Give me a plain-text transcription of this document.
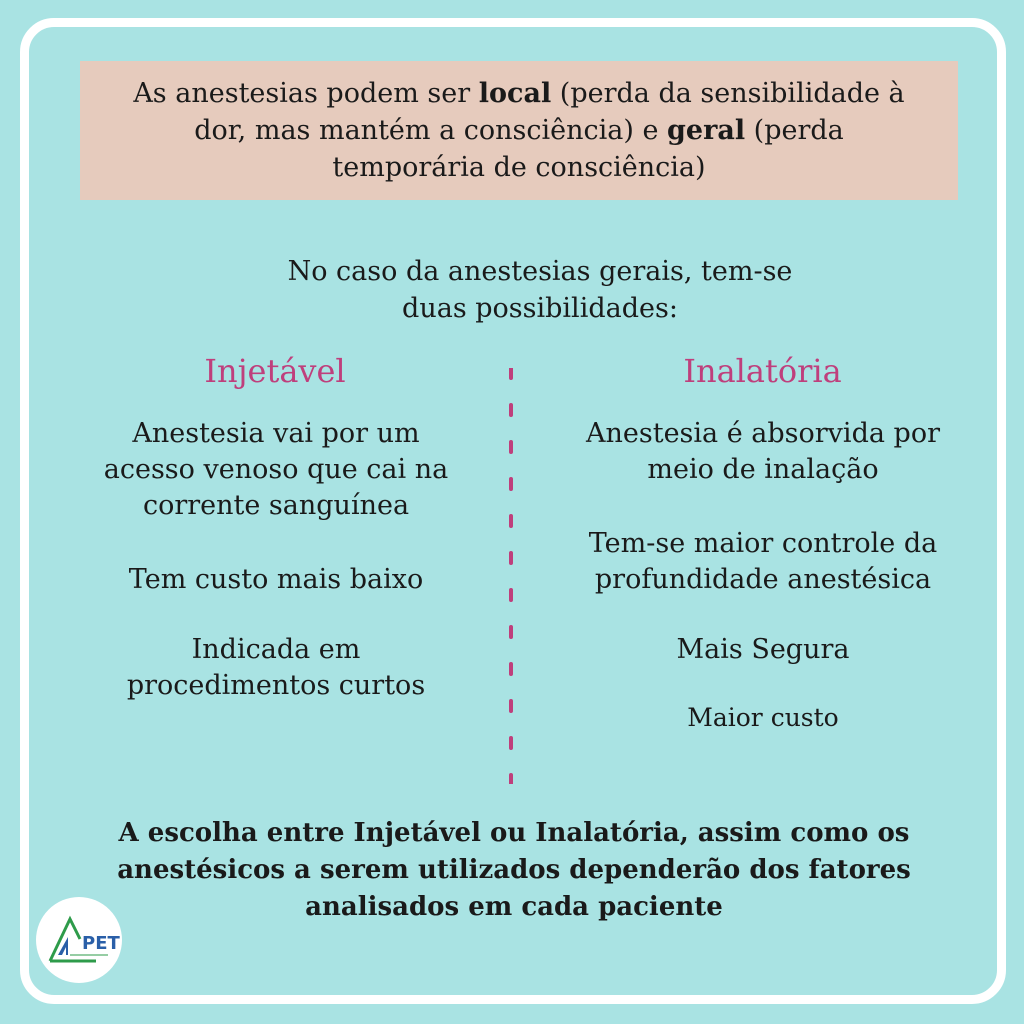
As anestesias podem ser local (perda da sensibilidade à
dor, mas mantém a consciência) e geral (perda
temporária de consciência)

No caso da anestesias gerais, tem-se
duas possibilidades:
Injetável	Inalatória
Anestesia vai por um
acesso venoso que cai na
corrente sanguínea
Tem custo mais baixo
Indicada em
procedimentos curtos
Anestesia é absorvida por
meio de inalação
Tem-se maior controle da
profundidade anestésica
Mais Segura
Maior custo
A escolha entre Injetável ou Inalatória, assim como os
anestésicos a serem utilizados dependerão dos fatores
analisados em cada paciente
PET
